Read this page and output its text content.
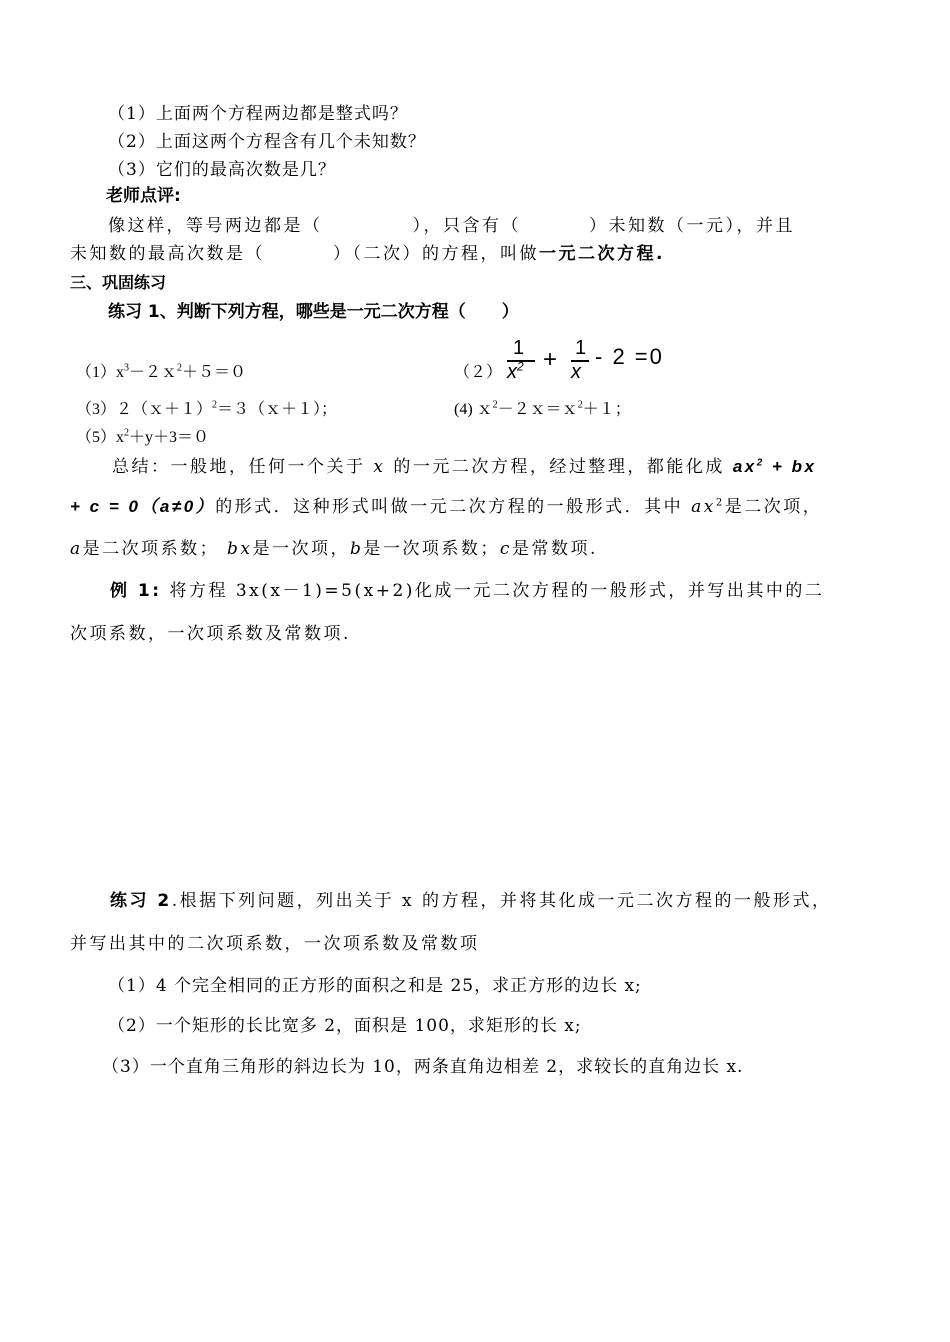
（1）上面两个方程两边都是整式吗？
（2）上面这两个方程含有几个未知数？
（3）它们的最高次数是几？
老师点评:
像这样，等号两边都是（	），只含有（	）未知数（一元），并且
未知数的最高次数是（	）（二次）的方程，叫做一元二次方程.
三、巩固练习
练习 1、判断下列方程，哪些是一元二次方程（ ）
$(1)x^3-2x^2+5=0$	（２）
1
$x^2 + 1$
x
- 2 =0
（3）２（ｘ＋１）$^2$＝３（ｘ＋１）；	(4) ｘ$^2$－２ｘ＝ｘ$^2$＋１；
$(5)x^2+y+3=0$
总结：一般地，任何一个关于 x 的一元二次方程，经过整理，都能化成 $ax^2$ + bx
+ c = 0（a≠0）的形式．这种形式叫做一元二次方程的一般形式．其中 $ax^2$是二次项，
a是二次项系数； bx是一次项，b是一次项系数；c是常数项.
例 1: 将方程 3x(x－1)=5(x+2)化成一元二次方程的一般形式，并写出其中的二
次项系数，一次项系数及常数项.
练习 2.根据下列问题，列出关于 x 的方程，并将其化成一元二次方程的一般形式，
并写出其中的二次项系数，一次项系数及常数项
（1）4 个完全相同的正方形的面积之和是 25，求正方形的边长 x;
（2）一个矩形的长比宽多 2，面积是 100，求矩形的长 x;
（3）一个直角三角形的斜边长为 10，两条直角边相差 2，求较长的直角边长 x.
